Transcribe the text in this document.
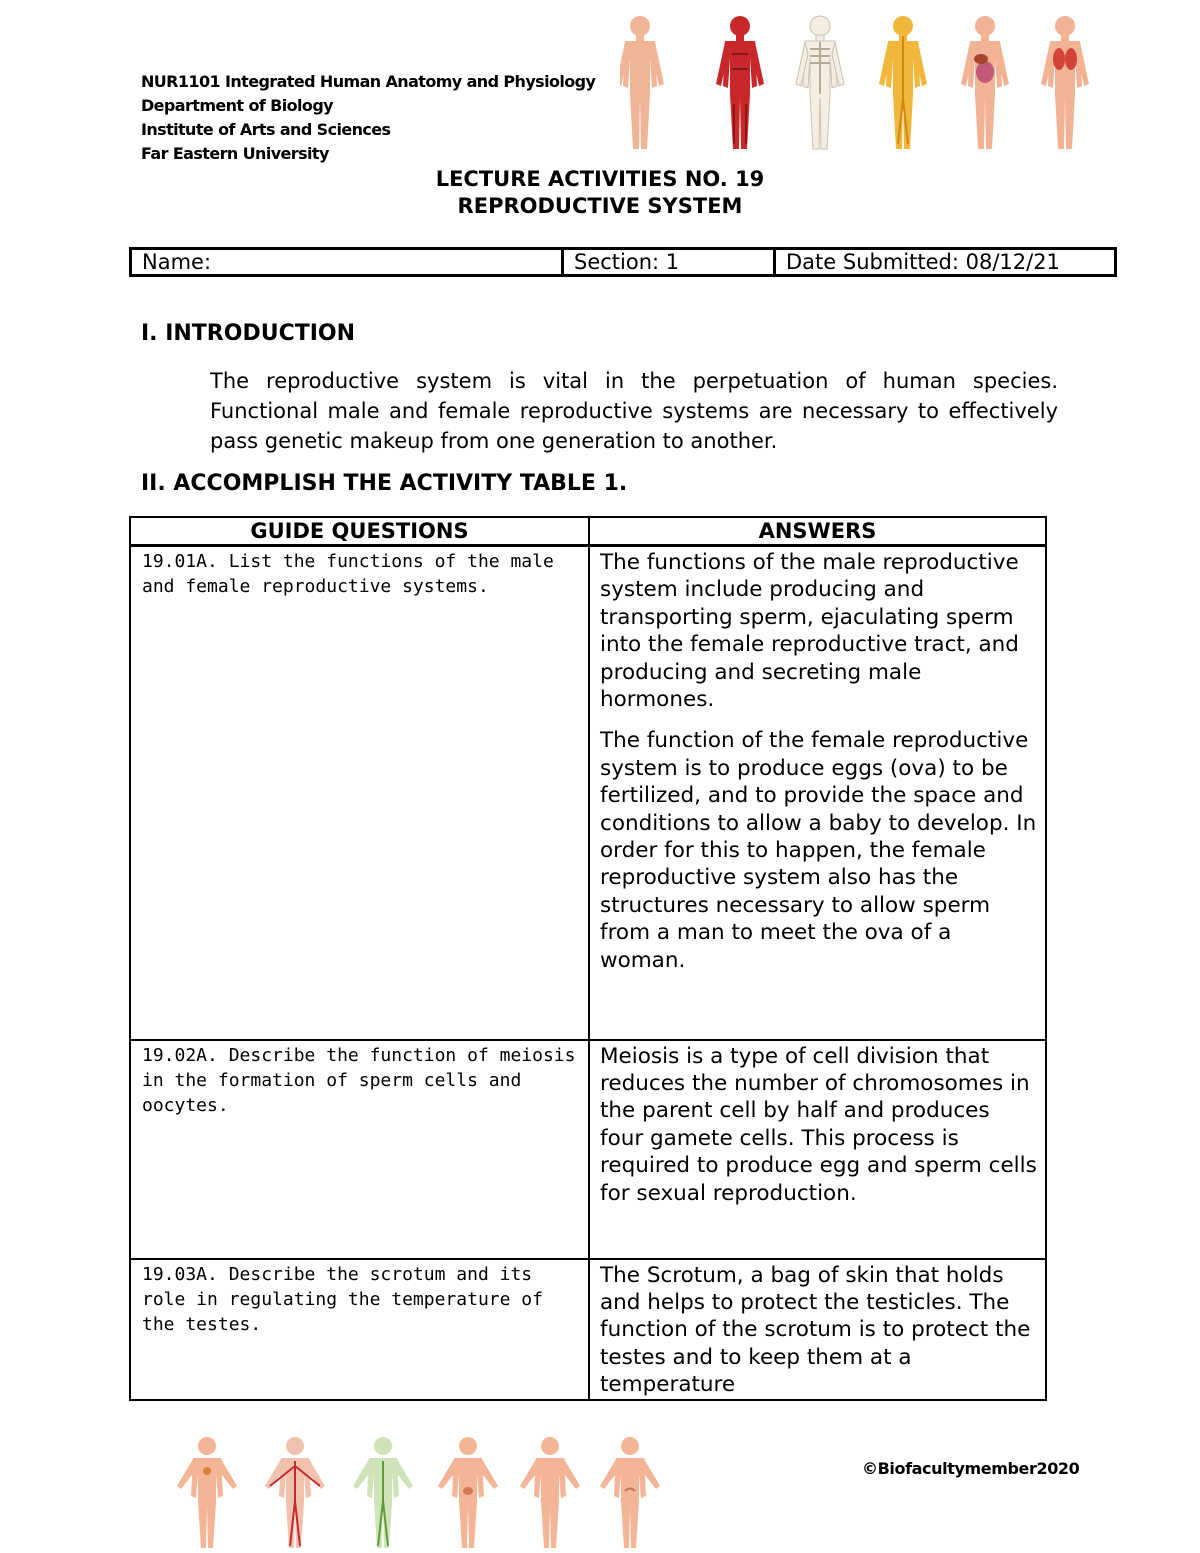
NUR1101 Integrated Human Anatomy and Physiology
Department of Biology
Institute of Arts and Sciences
Far Eastern University
LECTURE ACTIVITIES NO. 19
REPRODUCTIVE SYSTEM
Name:	Section: 1	Date Submitted: 08/12/21
I. INTRODUCTION
The reproductive system is vital in the perpetuation of human species. Functional male and female reproductive systems are necessary to effectively pass genetic makeup from one generation to another.
II. ACCOMPLISH THE ACTIVITY TABLE 1.
GUIDE QUESTIONS	ANSWERS
19.01A. List the functions of the male and female reproductive systems.	The functions of the male reproductive system include producing and transporting sperm, ejaculating sperm into the female reproductive tract, and producing and secreting male hormones.

The function of the female reproductive system is to produce eggs (ova) to be fertilized, and to provide the space and conditions to allow a baby to develop. In order for this to happen, the female reproductive system also has the structures necessary to allow sperm from a man to meet the ova of a woman.

19.02A. Describe the function of meiosis in the formation of sperm cells and oocytes.	Meiosis is a type of cell division that reduces the number of chromosomes in the parent cell by half and produces four gamete cells. This process is required to produce egg and sperm cells for sexual reproduction.

19.03A. Describe the scrotum and its role in regulating the temperature of the testes.	The Scrotum, a bag of skin that holds and helps to protect the testicles. The function of the scrotum is to protect the testes and to keep them at a temperature

©Biofacultymember2020
